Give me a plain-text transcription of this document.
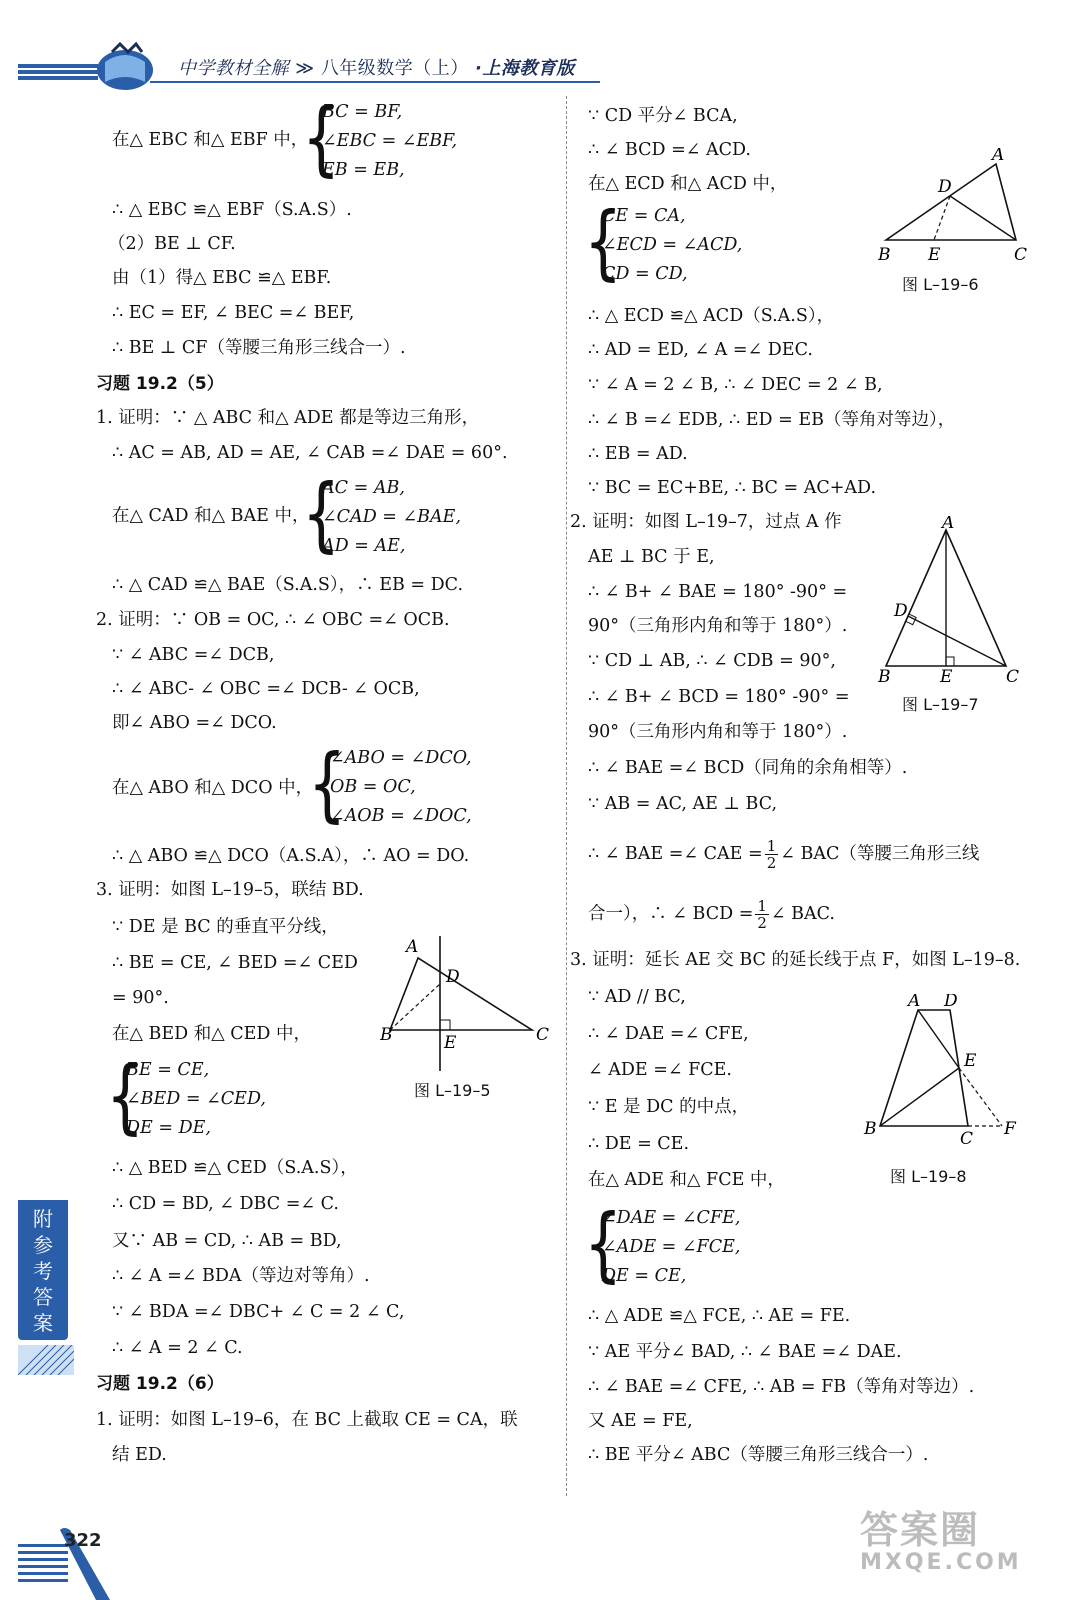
中学教材全解 ≫ 八年级数学（上） ·上海教育版
在△ EBC 和△ EBF 中，
{
BC = BF,
∠EBC = ∠EBF,
EB = EB,
∴ △ EBC ≌△ EBF（S.A.S）.
（2）BE ⊥ CF.
由（1）得△ EBC ≌△ EBF.
∴ EC = EF, ∠ BEC =∠ BEF,
∴ BE ⊥ CF（等腰三角形三线合一）.
习题 19.2（5）
1. 证明：∵ △ ABC 和△ ADE 都是等边三角形，
∴ AC = AB, AD = AE, ∠ CAB =∠ DAE = 60°.
在△ CAD 和△ BAE 中，
{
AC = AB,
∠CAD = ∠BAE,
AD = AE,
∴ △ CAD ≌△ BAE（S.A.S），∴ EB = DC.
2. 证明：∵ OB = OC, ∴ ∠ OBC =∠ OCB.
∵ ∠ ABC =∠ DCB,
∴ ∠ ABC- ∠ OBC =∠ DCB- ∠ OCB,
即∠ ABO =∠ DCO.
在△ ABO 和△ DCO 中，
{
∠ABO = ∠DCO,
OB = OC,
∠AOB = ∠DOC,
∴ △ ABO ≌△ DCO（A.S.A），∴ AO = DO.
3. 证明：如图 L–19–5，联结 BD.
∵ DE 是 BC 的垂直平分线，
∴ BE = CE, ∠ BED =∠ CED
= 90°.
在△ BED 和△ CED 中，
{
BE = CE,
∠BED = ∠CED,
DE = DE,
∴ △ BED ≌△ CED（S.A.S），
∴ CD = BD, ∠ DBC =∠ C.
又∵ AB = CD, ∴ AB = BD,
∴ ∠ A =∠ BDA（等边对等角）.
∵ ∠ BDA =∠ DBC+ ∠ C = 2 ∠ C,
∴ ∠ A = 2 ∠ C.
习题 19.2（6）
1. 证明：如图 L–19–6，在 BC 上截取 CE = CA，联
结 ED.
A
D
B	E	C
图 L–19–5
∵ CD 平分∠ BCA,
∴ ∠ BCD =∠ ACD.
在△ ECD 和△ ACD 中，
{
CE = CA,
∠ECD = ∠ACD,
CD = CD,
∴ △ ECD ≌△ ACD（S.A.S），
∴ AD = ED, ∠ A =∠ DEC.
∵ ∠ A = 2 ∠ B, ∴ ∠ DEC = 2 ∠ B,
∴ ∠ B =∠ EDB, ∴ ED = EB（等角对等边），
∴ EB = AD.
∵ BC = EC+BE, ∴ BC = AC+AD.
A
D
B E	C
图 L–19–6
2. 证明：如图 L–19–7，过点 A 作
AE ⊥ BC 于 E,
∴ ∠ B+ ∠ BAE = 180° -90° =
90°（三角形内角和等于 180°）.
∵ CD ⊥ AB, ∴ ∠ CDB = 90°,
∴ ∠ B+ ∠ BCD = 180° -90° =
90°（三角形内角和等于 180°）.
∴ ∠ BAE =∠ BCD（同角的余角相等）.
∵ AB = AC, AE ⊥ BC,
∴ ∠ BAE =∠ CAE = $\frac{1}{2}$ ∠ BAC（等腰三角形三线
合一），∴ ∠ BCD = $\frac{1}{2}$ ∠ BAC.
A
D
B	E	C
图 L–19–7
3. 证明：延长 AE 交 BC 的延长线于点 F，如图 L–19–8.
∵ AD // BC,
∴ ∠ DAE =∠ CFE,
∠ ADE =∠ FCE.
∵ E 是 DC 的中点，
∴ DE = CE.
在△ ADE 和△ FCE 中，
{
∠DAE = ∠CFE,
∠ADE = ∠FCE,
DE = CE,
∴ △ ADE ≌△ FCE, ∴ AE = FE.
∵ AE 平分∠ BAD, ∴ ∠ BAE =∠ DAE.
∴ ∠ BAE =∠ CFE, ∴ AB = FB（等角对等边）.
又 AE = FE,
∴ BE 平分∠ ABC（等腰三角形三线合一）.
A D
E
B	C F
图 L–19–8
附
参
考
答
案
322	答案圈
MXQE.COM
